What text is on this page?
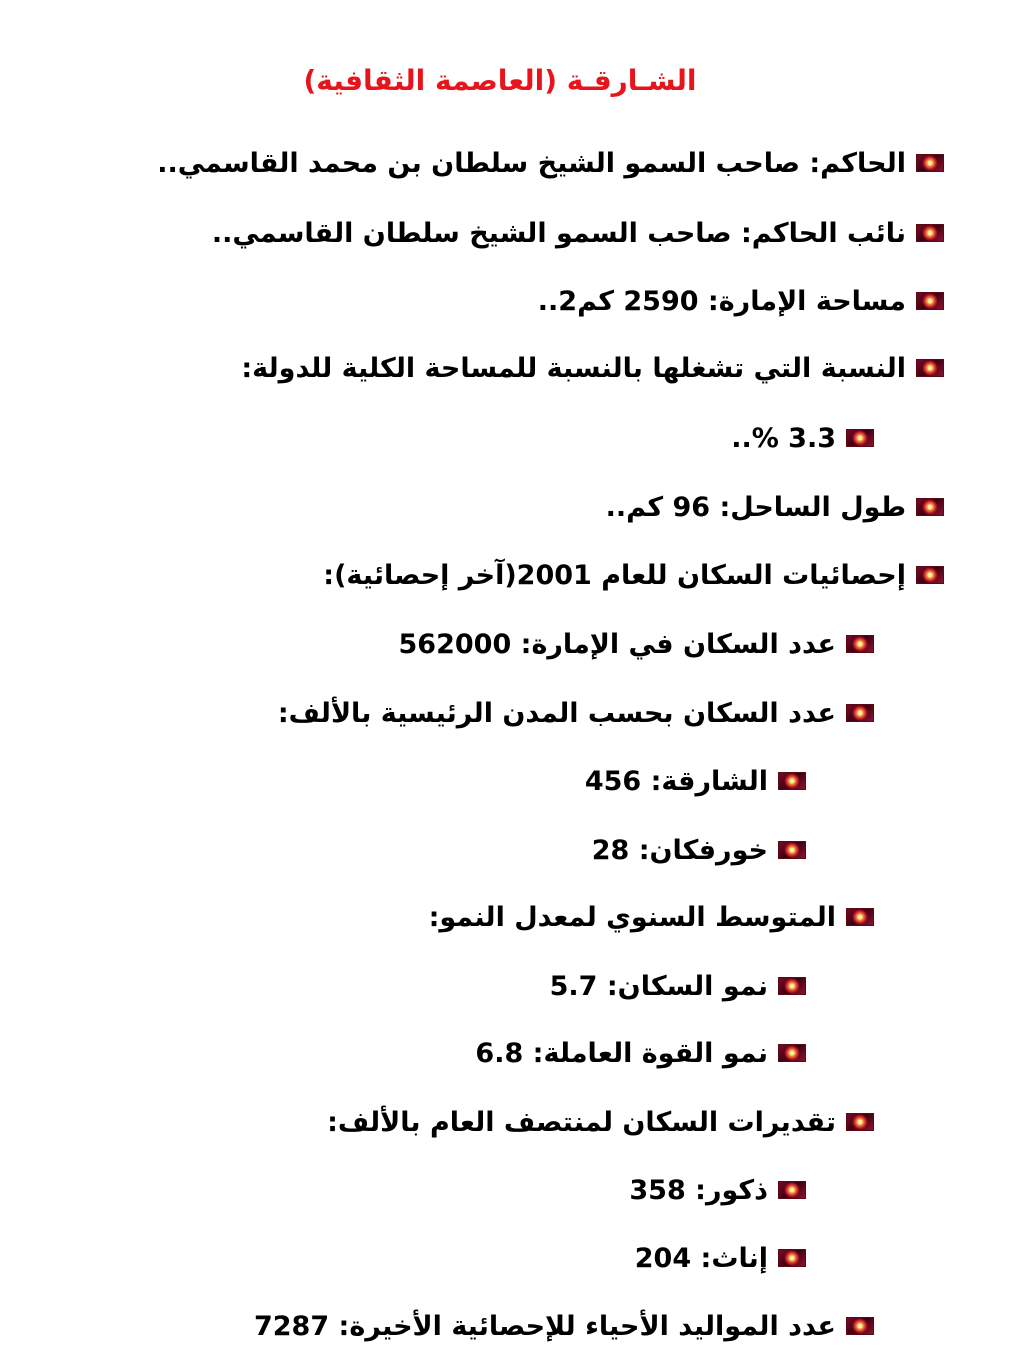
الشـارقـة (العاصمة الثقافية)
الحاكم: صاحب السمو الشيخ سلطان بن محمد القاسمي..
نائب الحاكم: صاحب السمو الشيخ سلطان القاسمي..
مساحة الإمارة: 2590 كم2..
النسبة التي تشغلها بالنسبة للمساحة الكلية للدولة:
3.3 %..
طول الساحل: 96 كم..
إحصائيات السكان للعام 2001(آخر إحصائية):
عدد السكان في الإمارة: 562000
عدد السكان بحسب المدن الرئيسية بالألف:
الشارقة: 456
خورفكان: 28
المتوسط السنوي لمعدل النمو:
نمو السكان: 5.7
نمو القوة العاملة: 6.8
تقديرات السكان لمنتصف العام بالألف:
ذكور: 358
إناث: 204
عدد المواليد الأحياء للإحصائية الأخيرة: 7287
